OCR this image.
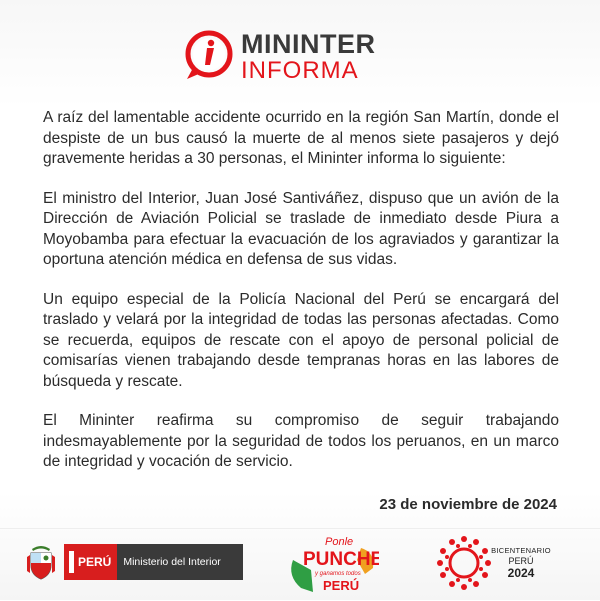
MININTER
INFORMA

A raíz del lamentable accidente ocurrido en la región San Martín, donde el despiste de un bus causó la muerte de al menos siete pasajeros y dejó gravemente heridas a 30 personas, el Mininter informa lo siguiente:

El ministro del Interior, Juan José Santiváñez, dispuso que un avión de la Dirección de Aviación Policial se traslade de inmediato desde Piura a Moyobamba para efectuar la evacuación de los agraviados y garantizar la oportuna atención médica en defensa de sus vidas.

Un equipo especial de la Policía Nacional del Perú se encargará del traslado y velará por la integridad de todas las personas afectadas. Como se recuerda, equipos de rescate con el apoyo de personal policial de comisarías vienen trabajando desde tempranas horas en las labores de búsqueda y rescate.

El Mininter reafirma su compromiso de seguir trabajando indesmayablemente por la seguridad de todos los peruanos, en un marco de integridad y vocación de servicio.

23 de noviembre de 2024
PERÚ	Ministerio del Interior
Ponle
PUNCHE
y ganamos todos
PERÚ
BICENTENARIO
PERÚ
2024
